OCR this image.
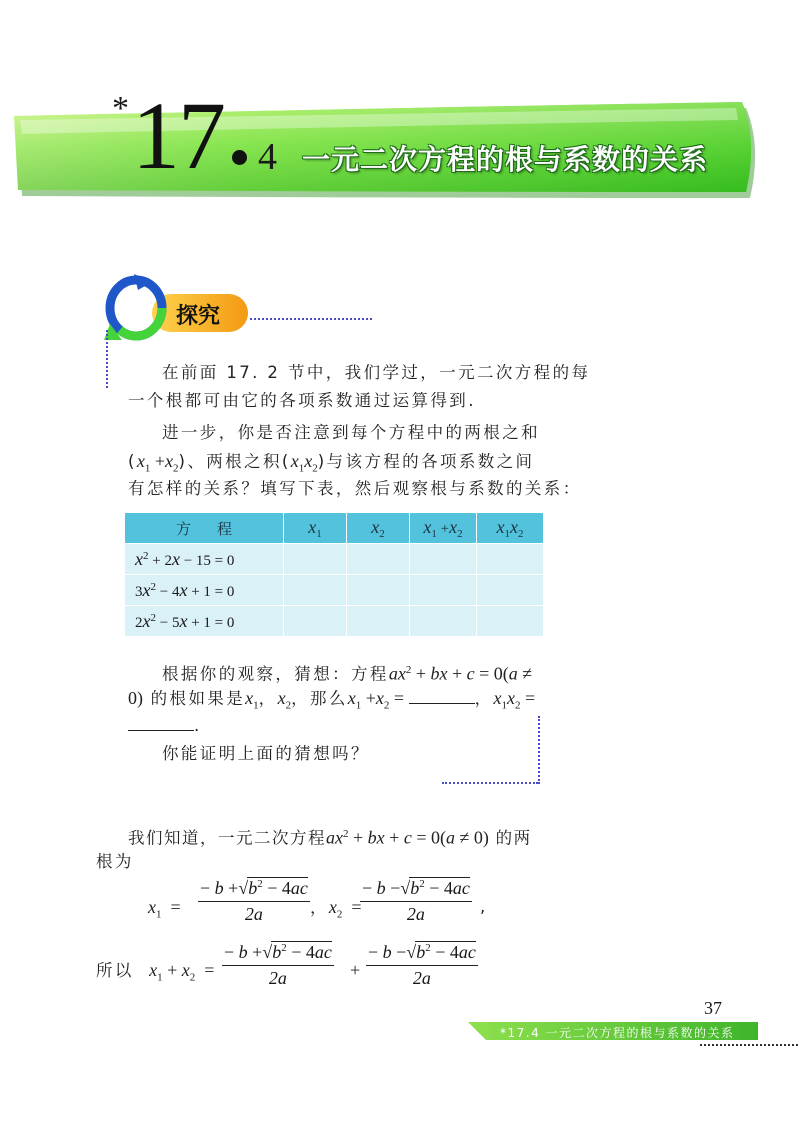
* 17 4 一元二次方程的根与系数的关系
探究
在前面 17. 2 节中，我们学过，一元二次方程的每
一个根都可由它的各项系数通过运算得到.
进一步，你是否注意到每个方程中的两根之和
$(x_1 +x_2)$、两根之积$(x_1x_2)$与该方程的各项系数之间
有怎样的关系？填写下表，然后观察根与系数的关系：
方程	$x_1$	$x_2$	$x_1 +x_2$	$x_1x_2$
$x^2 + 2x - 15 = 0$				
$3x^2 - 4x + 1 = 0$				
$2x^2 - 5x + 1 = 0$				
根据你的观察，猜想：方程$ax^2$ + bx + c = 0(a ≠
0) 的根如果是$x_1$，$x_2$，那么$x_1 +x_2$ =	，$x_1x_2$ =
.
你能证明上面的猜想吗？
我们知道，一元二次方程$ax^2$ + bx + c = 0(a ≠ 0) 的两
根为
$x_1 = \frac{- b +√b^2 - 4ac}{2a}$ ，$x_2$  =
$\frac{- b -√b^2 - 4ac}{2a}$ ,
所以 $x_1 + x_2 = \frac{- b +√b^2 - 4ac}{2a} + \frac{- b -√b^2 - 4ac}{2a}$
37
*17.4 一元二次方程的根与系数的关系
